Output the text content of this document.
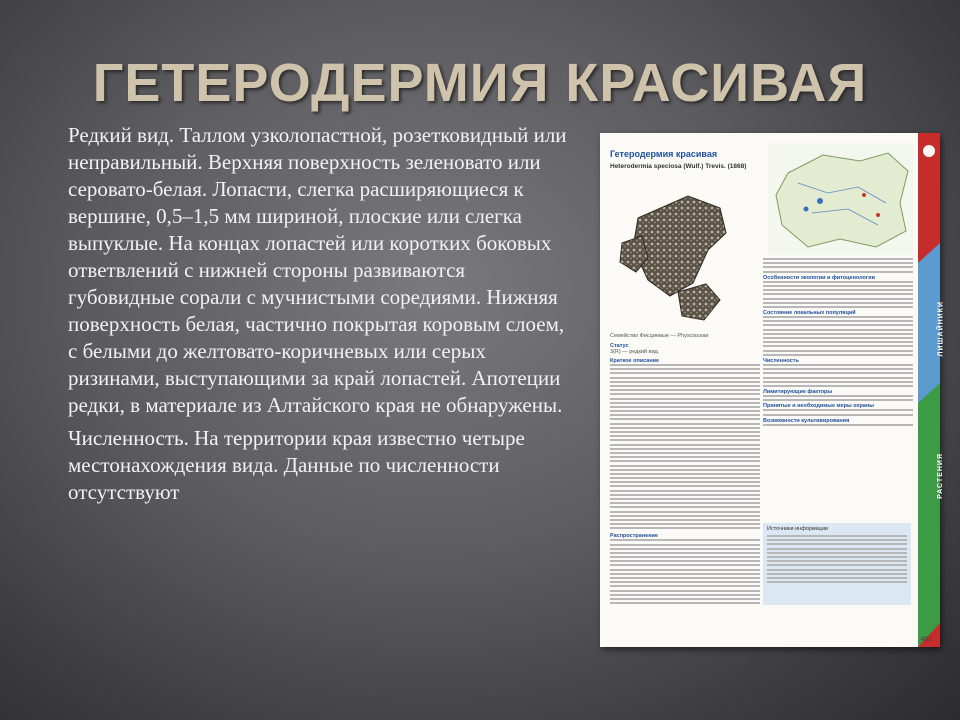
ГЕТЕРОДЕРМИЯ КРАСИВАЯ
Редкий вид. Таллом узколопастной, розетковидный или неправильный. Верхняя поверхность зеленовато или серовато-белая. Лопасти, слегка расширяющиеся к вершине, 0,5–1,5 мм шириной, плоские или слегка выпуклые. На концах лопастей или коротких боковых ответвлений с нижней стороны развиваются губовидные сорали с мучнистыми соредиями. Нижняя поверхность белая, частично покрытая коровым слоем, с белыми до желтовато-коричневых или серых ризинами, выступающими за край лопастей. Апотеции редки, в материале из Алтайского края не обнаружены.
Численность. На территории края известно четыре местонахождения вида. Данные по численности отсутствуют
Гетеродермия красивая
Heterodermia speciosa (Wulf.) Trevis. (1868)
Семейство Фисциевые — Physciaceae
Статус
3(R) — редкий вид.
Краткое описание
Распространение
Особенности экологии и фитоценологии
Состояние локальных популяций
Численность
Лимитирующие факторы
Принятые и необходимые меры охраны
Возможности культивирования
Источники информации
ЛИШАЙНИКИ
РАСТЕНИЯ
481
